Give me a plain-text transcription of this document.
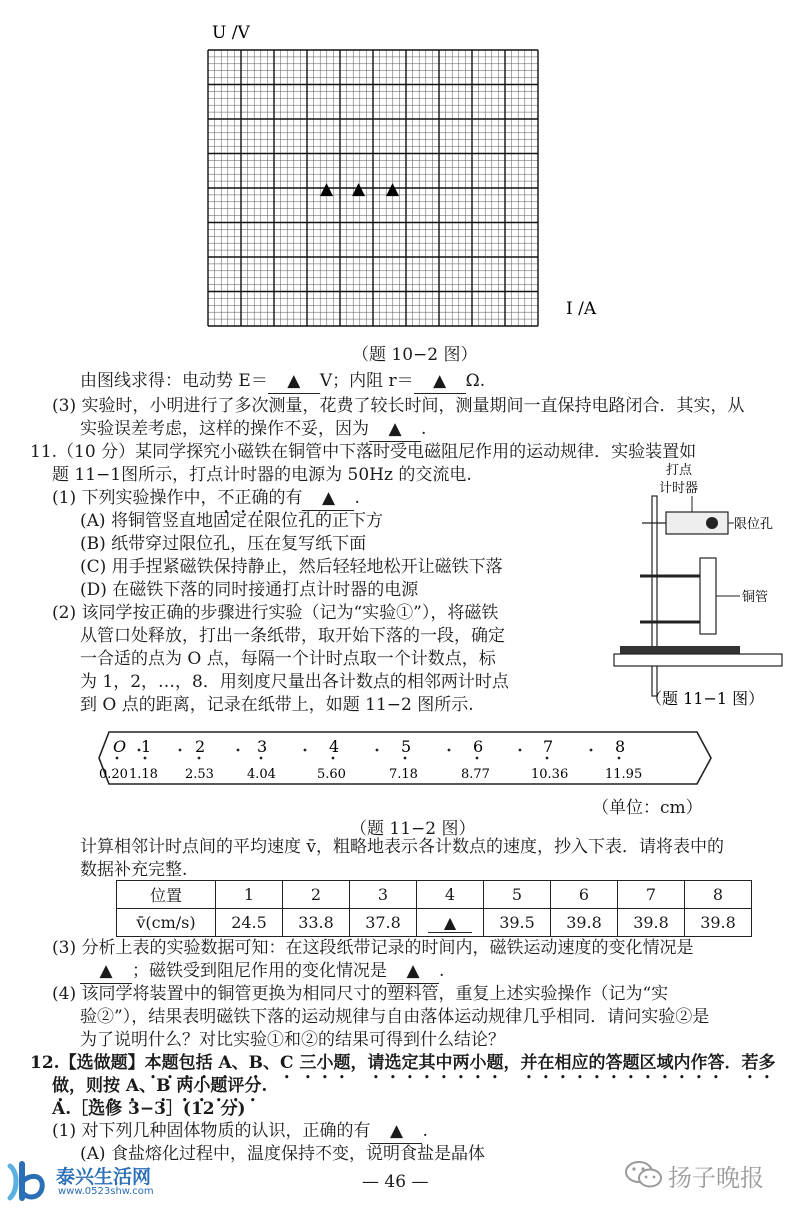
U /V
I /A
▲ ▲ ▲
（题 10−2 图）
由图线求得：电动势 E＝ ▲ V；内阻 r＝ ▲ Ω.
(3) 实验时，小明进行了多次测量，花费了较长时间，测量期间一直保持电路闭合．其实，从
实验误差考虑，这样的操作不妥，因为 ▲ .
11.（10 分）某同学探究小磁铁在铜管中下落时受电磁阻尼作用的运动规律．实验装置如
题 11−1图所示，打点计时器的电源为 50Hz 的交流电.
(1) 下列实验操作中，不正确的有 ▲ .
(A) 将铜管竖直地固定在限位孔的正下方
(B) 纸带穿过限位孔，压在复写纸下面
(C) 用手捏紧磁铁保持静止，然后轻轻地松开让磁铁下落
(D) 在磁铁下落的同时接通打点计时器的电源
(2) 该同学按正确的步骤进行实验（记为“实验①”），将磁铁
从管口处释放，打出一条纸带，取开始下落的一段，确定
一合适的点为 O 点，每隔一个计时点取一个计数点，标
为 1，2，…，8．用刻度尺量出各计数点的相邻两计时点
到 O 点的距离，记录在纸带上，如题 11−2 图所示.
打点
计时器
限位孔
铜管
（题 11−1 图）
O 1	2	3	4	5	6	7	8
0.20 1.18 2.53	4.04	5.60	7.18	8.77	10.36	11.95
（单位：cm）
（题 11−2 图）
计算相邻计时点间的平均速度 v̄，粗略地表示各计数点的速度，抄入下表．请将表中的
数据补充完整.
位置	1	2	3	4	5	6	7	8
v̄(cm/s)	24.5	33.8	37.8	▲	39.5	39.8	39.8	39.8
(3) 分析上表的实验数据可知：在这段纸带记录的时间内，磁铁运动速度的变化情况是
▲ ；磁铁受到阻尼作用的变化情况是 ▲ .
(4) 该同学将装置中的铜管更换为相同尺寸的塑料管，重复上述实验操作（记为“实
验②”），结果表明磁铁下落的运动规律与自由落体运动规律几乎相同．请问实验②是
为了说明什么？对比实验①和②的结果可得到什么结论？
12.【选做题】本题包括 A、B、C 三小题，请选定其中两小题，并在相应的答题区域内作答．若多
做，则按 A、B 两小题评分.
A.［选修 3−3］(12 分)
(1) 对下列几种固体物质的认识，正确的有 ▲ .
(A) 食盐熔化过程中，温度保持不变，说明食盐是晶体
泰兴生活网
www.0523shw.com	— 46 —	扬子晚报
